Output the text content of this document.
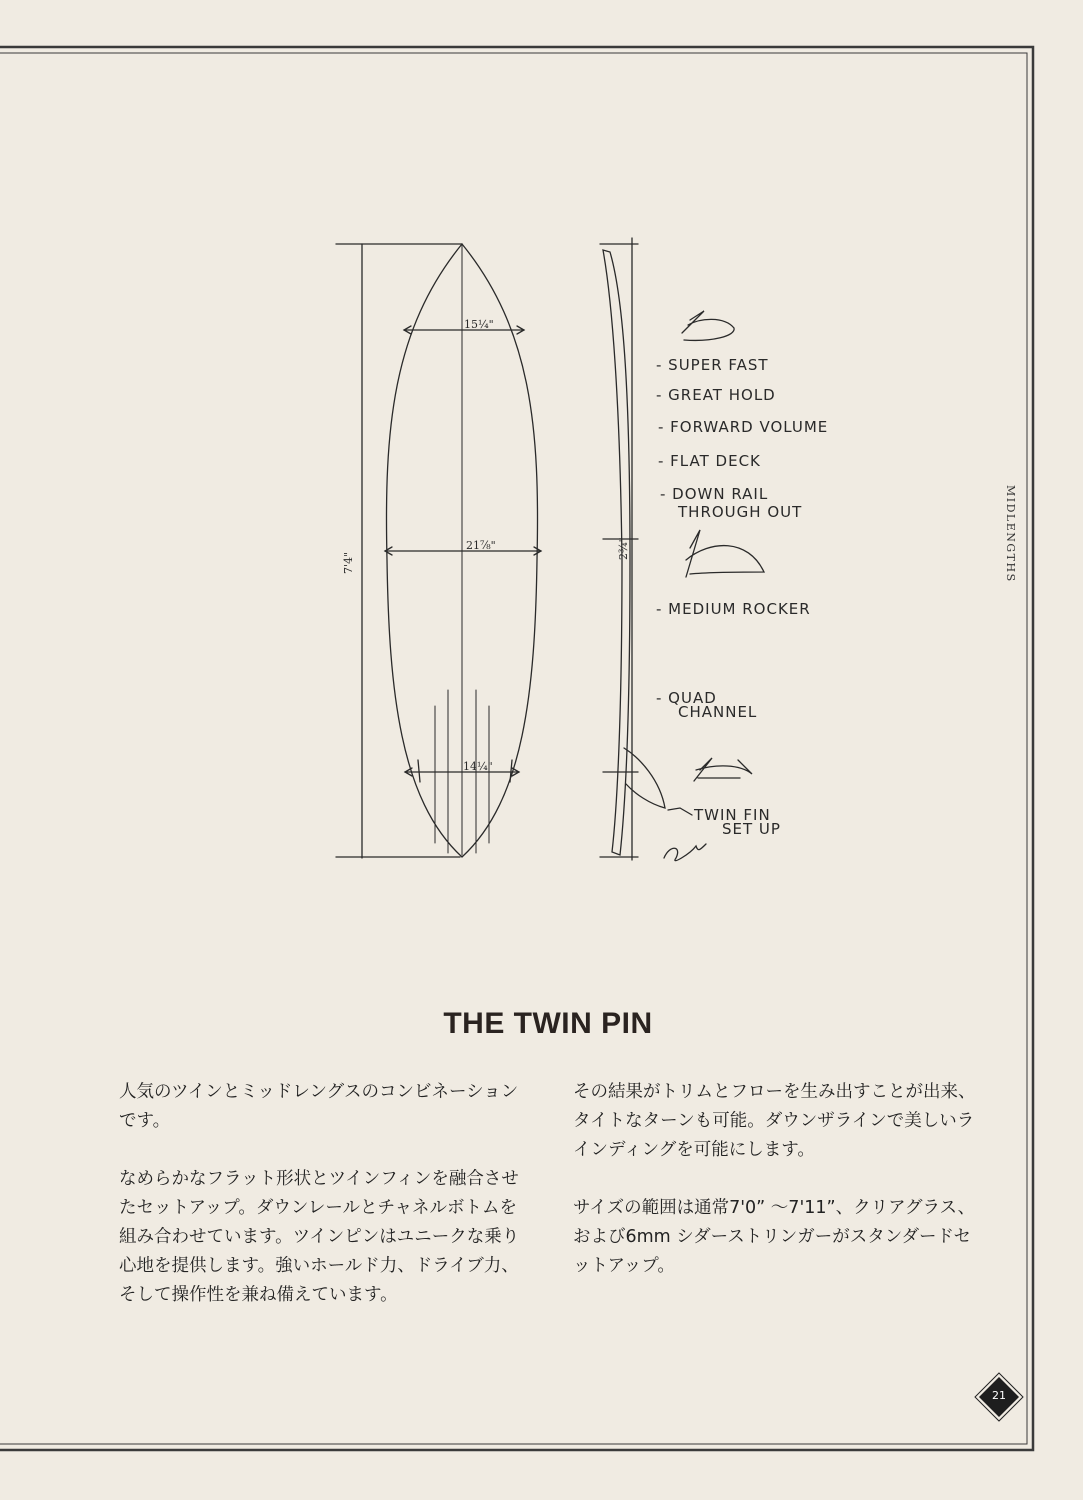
15¼"
21⅞"
14¼"
7'4"
2¾"
- SUPER FAST
- GREAT HOLD
- FORWARD VOLUME
- FLAT DECK
- DOWN RAIL
THROUGH OUT
- MEDIUM ROCKER
- QUAD
CHANNEL
TWIN FIN
SET UP
MIDLENGTHS
THE TWIN PIN

人気のツインとミッドレングスのコンビネーションです。

なめらかなフラット形状とツインフィンを融合させたセットアップ。ダウンレールとチャネルボトムを組み合わせています。ツインピンはユニークな乗り心地を提供します。強いホールド力、ドライブ力、そして操作性を兼ね備えています。

その結果がトリムとフローを生み出すことが出来、タイトなターンも可能。ダウンザラインで美しいラインディングを可能にします。

サイズの範囲は通常7'0” 〜7'11”、クリアグラス、および6mm シダーストリンガーがスタンダードセットアップ。

21
